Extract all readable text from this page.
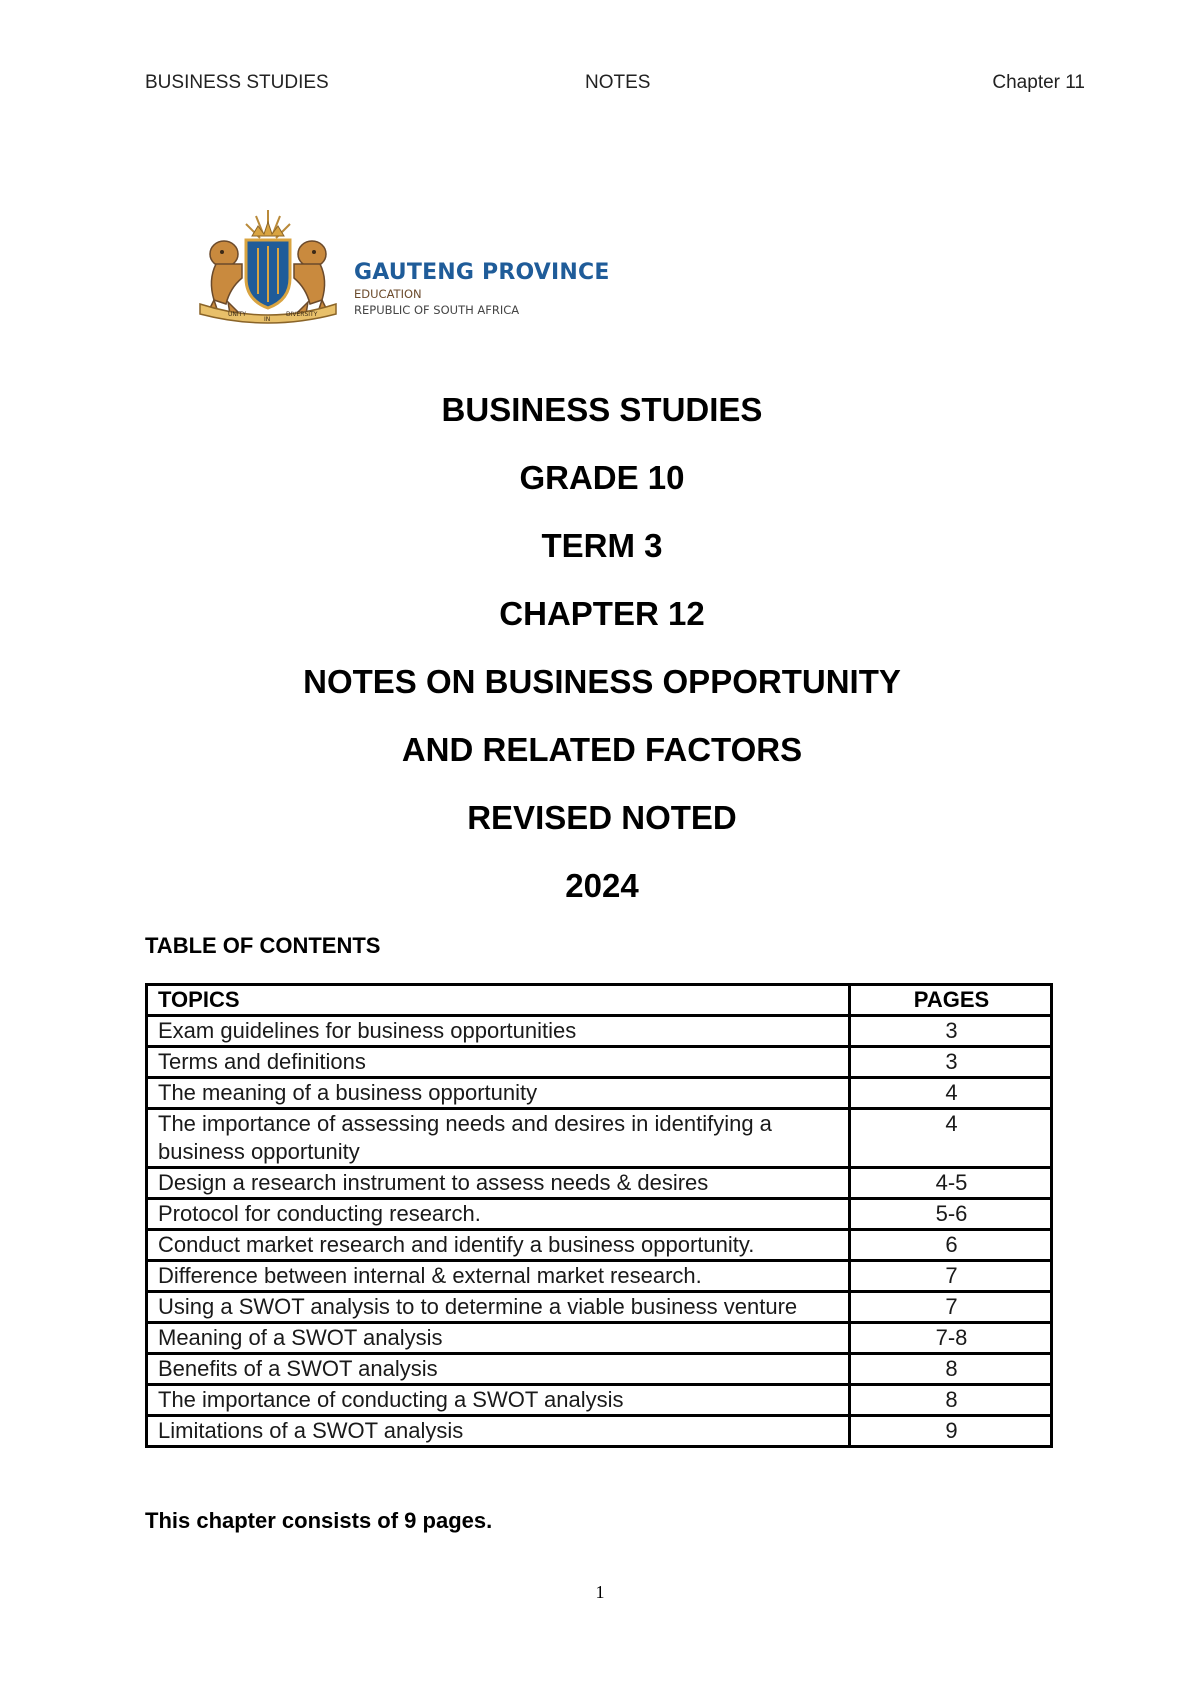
BUSINESS STUDIES	NOTES	Chapter 11
UNITY
IN
DIVERSITY
GAUTENG PROVINCE
EDUCATION
REPUBLIC OF SOUTH AFRICA
BUSINESS STUDIES
GRADE 10
TERM 3
CHAPTER 12
NOTES ON BUSINESS OPPORTUNITY
AND RELATED FACTORS
REVISED NOTED
2024
TABLE OF CONTENTS
TOPICS	PAGES
Exam guidelines for business opportunities	3
Terms and definitions	3
The meaning of a business opportunity	4
The importance of assessing needs and desires in identifying a business opportunity	4
Design a research instrument to assess needs & desires	4-5
Protocol for conducting research.	5-6
Conduct market research and identify a business opportunity.	6
Difference between internal & external market research.	7
Using a SWOT analysis to to determine a viable business venture	7
Meaning of a SWOT analysis	7-8
Benefits of a SWOT analysis	8
The importance of conducting a SWOT analysis	8
Limitations of a SWOT analysis	9
This chapter consists of 9 pages.
1
